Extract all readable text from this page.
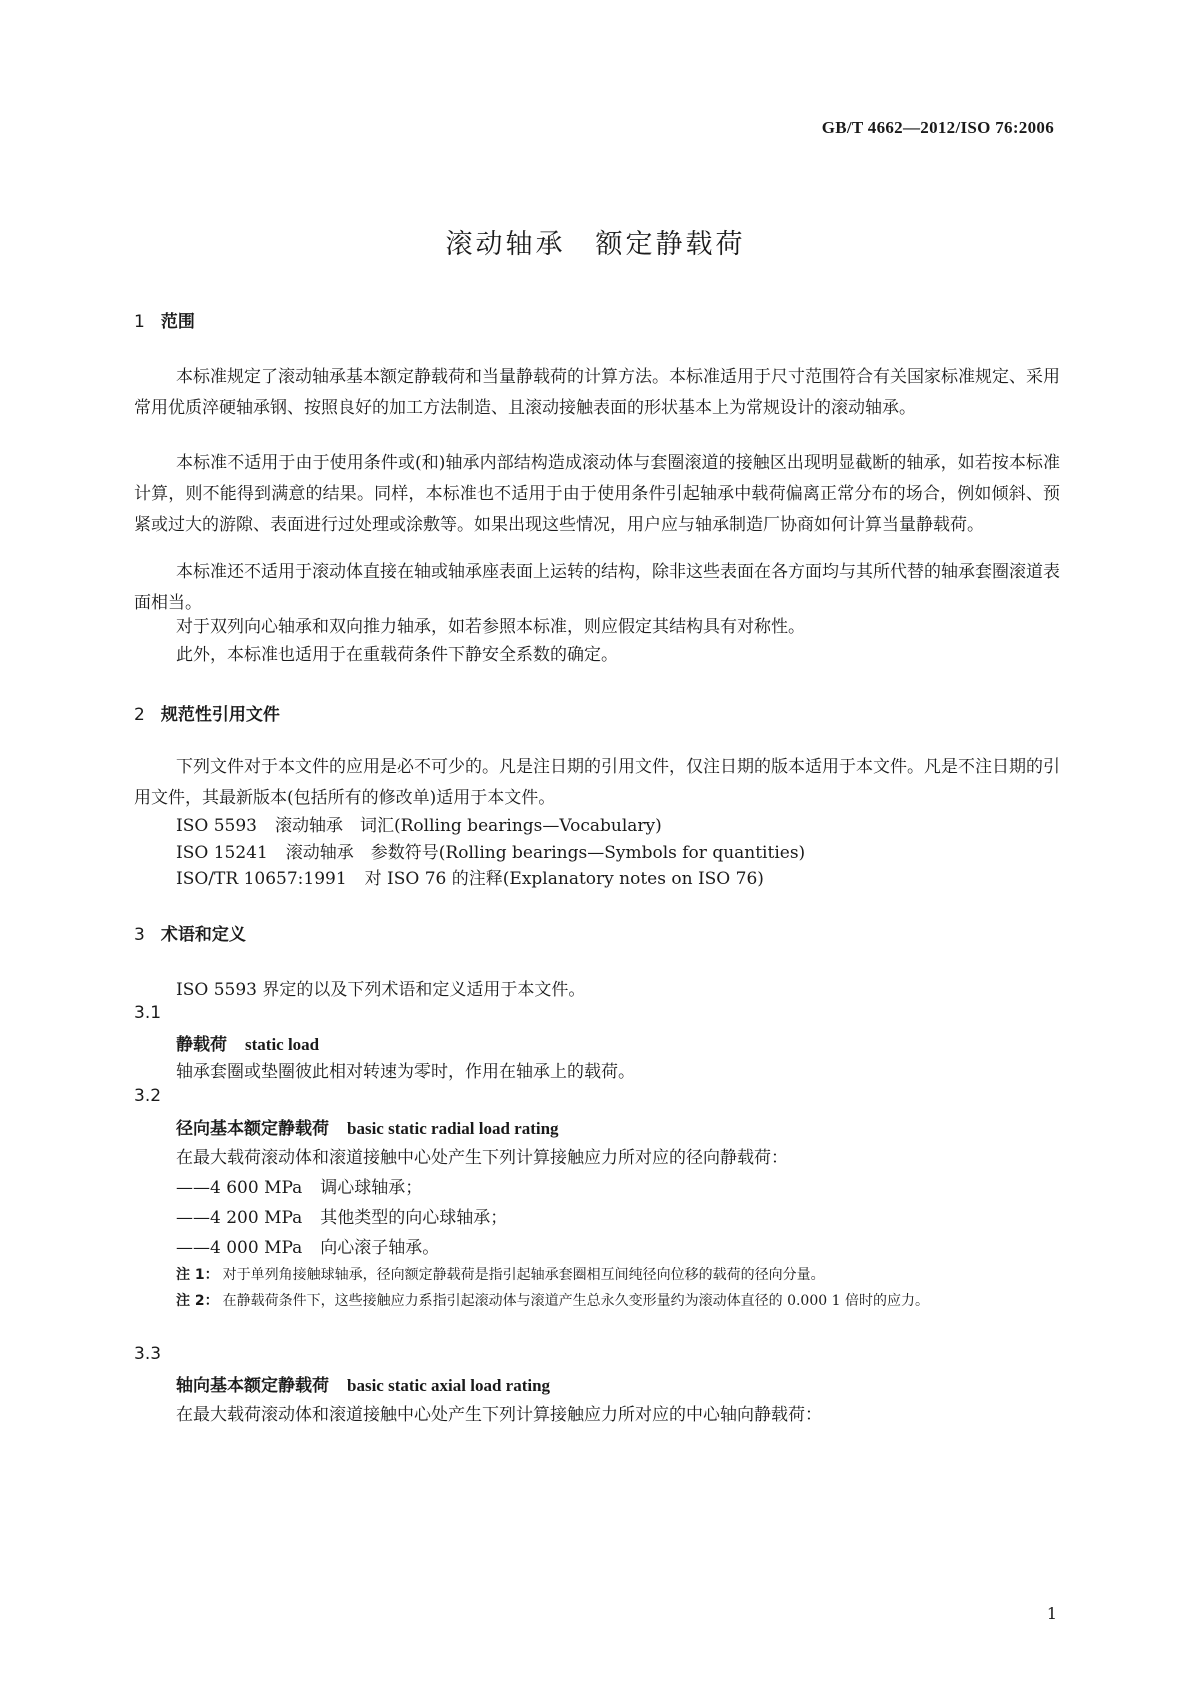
GB/T 4662—2012/ISO 76:2006
滚动轴承　额定静载荷
1 范围

本标准规定了滚动轴承基本额定静载荷和当量静载荷的计算方法。本标准适用于尺寸范围符合有关国家标准规定、采用常用优质淬硬轴承钢、按照良好的加工方法制造、且滚动接触表面的形状基本上为常规设计的滚动轴承。

本标准不适用于由于使用条件或(和)轴承内部结构造成滚动体与套圈滚道的接触区出现明显截断的轴承，如若按本标准计算，则不能得到满意的结果。同样，本标准也不适用于由于使用条件引起轴承中载荷偏离正常分布的场合，例如倾斜、预紧或过大的游隙、表面进行过处理或涂敷等。如果出现这些情况，用户应与轴承制造厂协商如何计算当量静载荷。

本标准还不适用于滚动体直接在轴或轴承座表面上运转的结构，除非这些表面在各方面均与其所代替的轴承套圈滚道表面相当。

对于双列向心轴承和双向推力轴承，如若参照本标准，则应假定其结构具有对称性。

此外，本标准也适用于在重载荷条件下静安全系数的确定。

2 规范性引用文件

下列文件对于本文件的应用是必不可少的。凡是注日期的引用文件，仅注日期的版本适用于本文件。凡是不注日期的引用文件，其最新版本(包括所有的修改单)适用于本文件。

ISO 5593 滚动轴承　词汇(Rolling bearings—Vocabulary)
ISO 15241 滚动轴承　参数符号(Rolling bearings—Symbols for quantities)
ISO/TR 10657:1991 对 ISO 76 的注释(Explanatory notes on ISO 76)
3 术语和定义
ISO 5593 界定的以及下列术语和定义适用于本文件。
3.1
静载荷 static load
轴承套圈或垫圈彼此相对转速为零时，作用在轴承上的载荷。
3.2
径向基本额定静载荷 basic static radial load rating
在最大载荷滚动体和滚道接触中心处产生下列计算接触应力所对应的径向静载荷：
——4 600 MPa 调心球轴承；
——4 200 MPa 其他类型的向心球轴承；
——4 000 MPa 向心滚子轴承。

注 1： 对于单列角接触球轴承，径向额定静载荷是指引起轴承套圈相互间纯径向位移的载荷的径向分量。

注 2： 在静载荷条件下，这些接触应力系指引起滚动体与滚道产生总永久变形量约为滚动体直径的 0.000 1 倍时的应力。

3.3
轴向基本额定静载荷 basic static axial load rating
在最大载荷滚动体和滚道接触中心处产生下列计算接触应力所对应的中心轴向静载荷：
1
